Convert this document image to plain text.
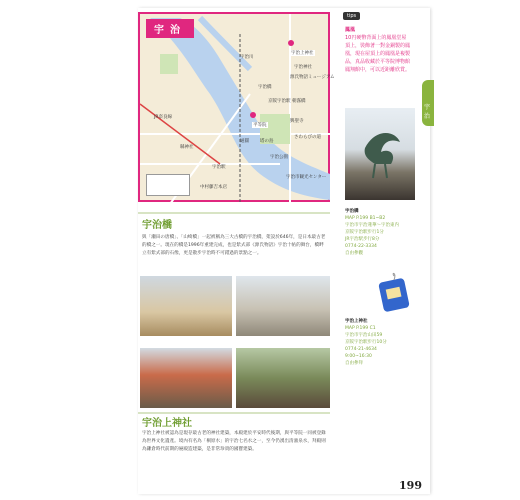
宇治
宇治上神社
宇治橋
平等院
源氏物語ミュージアム
宇治市観光センター
中村藤吉本店
宇治駅
京阪宇治駅
縣神社
宇治川
朝霧橋
塔の島
興聖寺
宇治公園
さわらびの道
通圓
宇治神社
JR奈良線
宇治橋
與「瀬田の唐橋」、「山崎橋」一起被稱為三大古橋的宇治橋，架設於646年，是日本最古老的橋之一。現在的橋是1996年重建完成，也是紫式部《源氏物語》宇治十帖的舞台，橋畔立有紫式部的石像，更是散步宇治時不可錯過的景點之一。
宇治上神社
宇治上神社被認為是現存最古老的神社建築，本殿建於平安時代後期，與平等院一同被登錄為世界文化遺產。境內有名為「桐原水」的宇治七名水之一，至今仍湧出清澈泉水，拜殿則為鎌倉時代前期的寢殿造建築，是非常珍貴的國寶建築。
tips
鳳凰
10円硬幣背面上的鳳凰堂屋頂上，裝飾著一對金銅製的鳳凰，現在屋頂上的鳳凰是複製品，真品收藏於平等院博物館鳳翔館中，可以近距離欣賞。
宇治橋
MAP P.199 B1~B2
宇治市宇治蓮華～宇治東内
京阪宇治駅步行1分
JR宇治駅步行8分
0774-22-3334
自由參觀
宇治上神社
MAP P.199 C1
宇治市宇治山田59
京阪宇治駅步行10分
0774-21-4634
9:00~16:30
自由參拜
宇治
199
